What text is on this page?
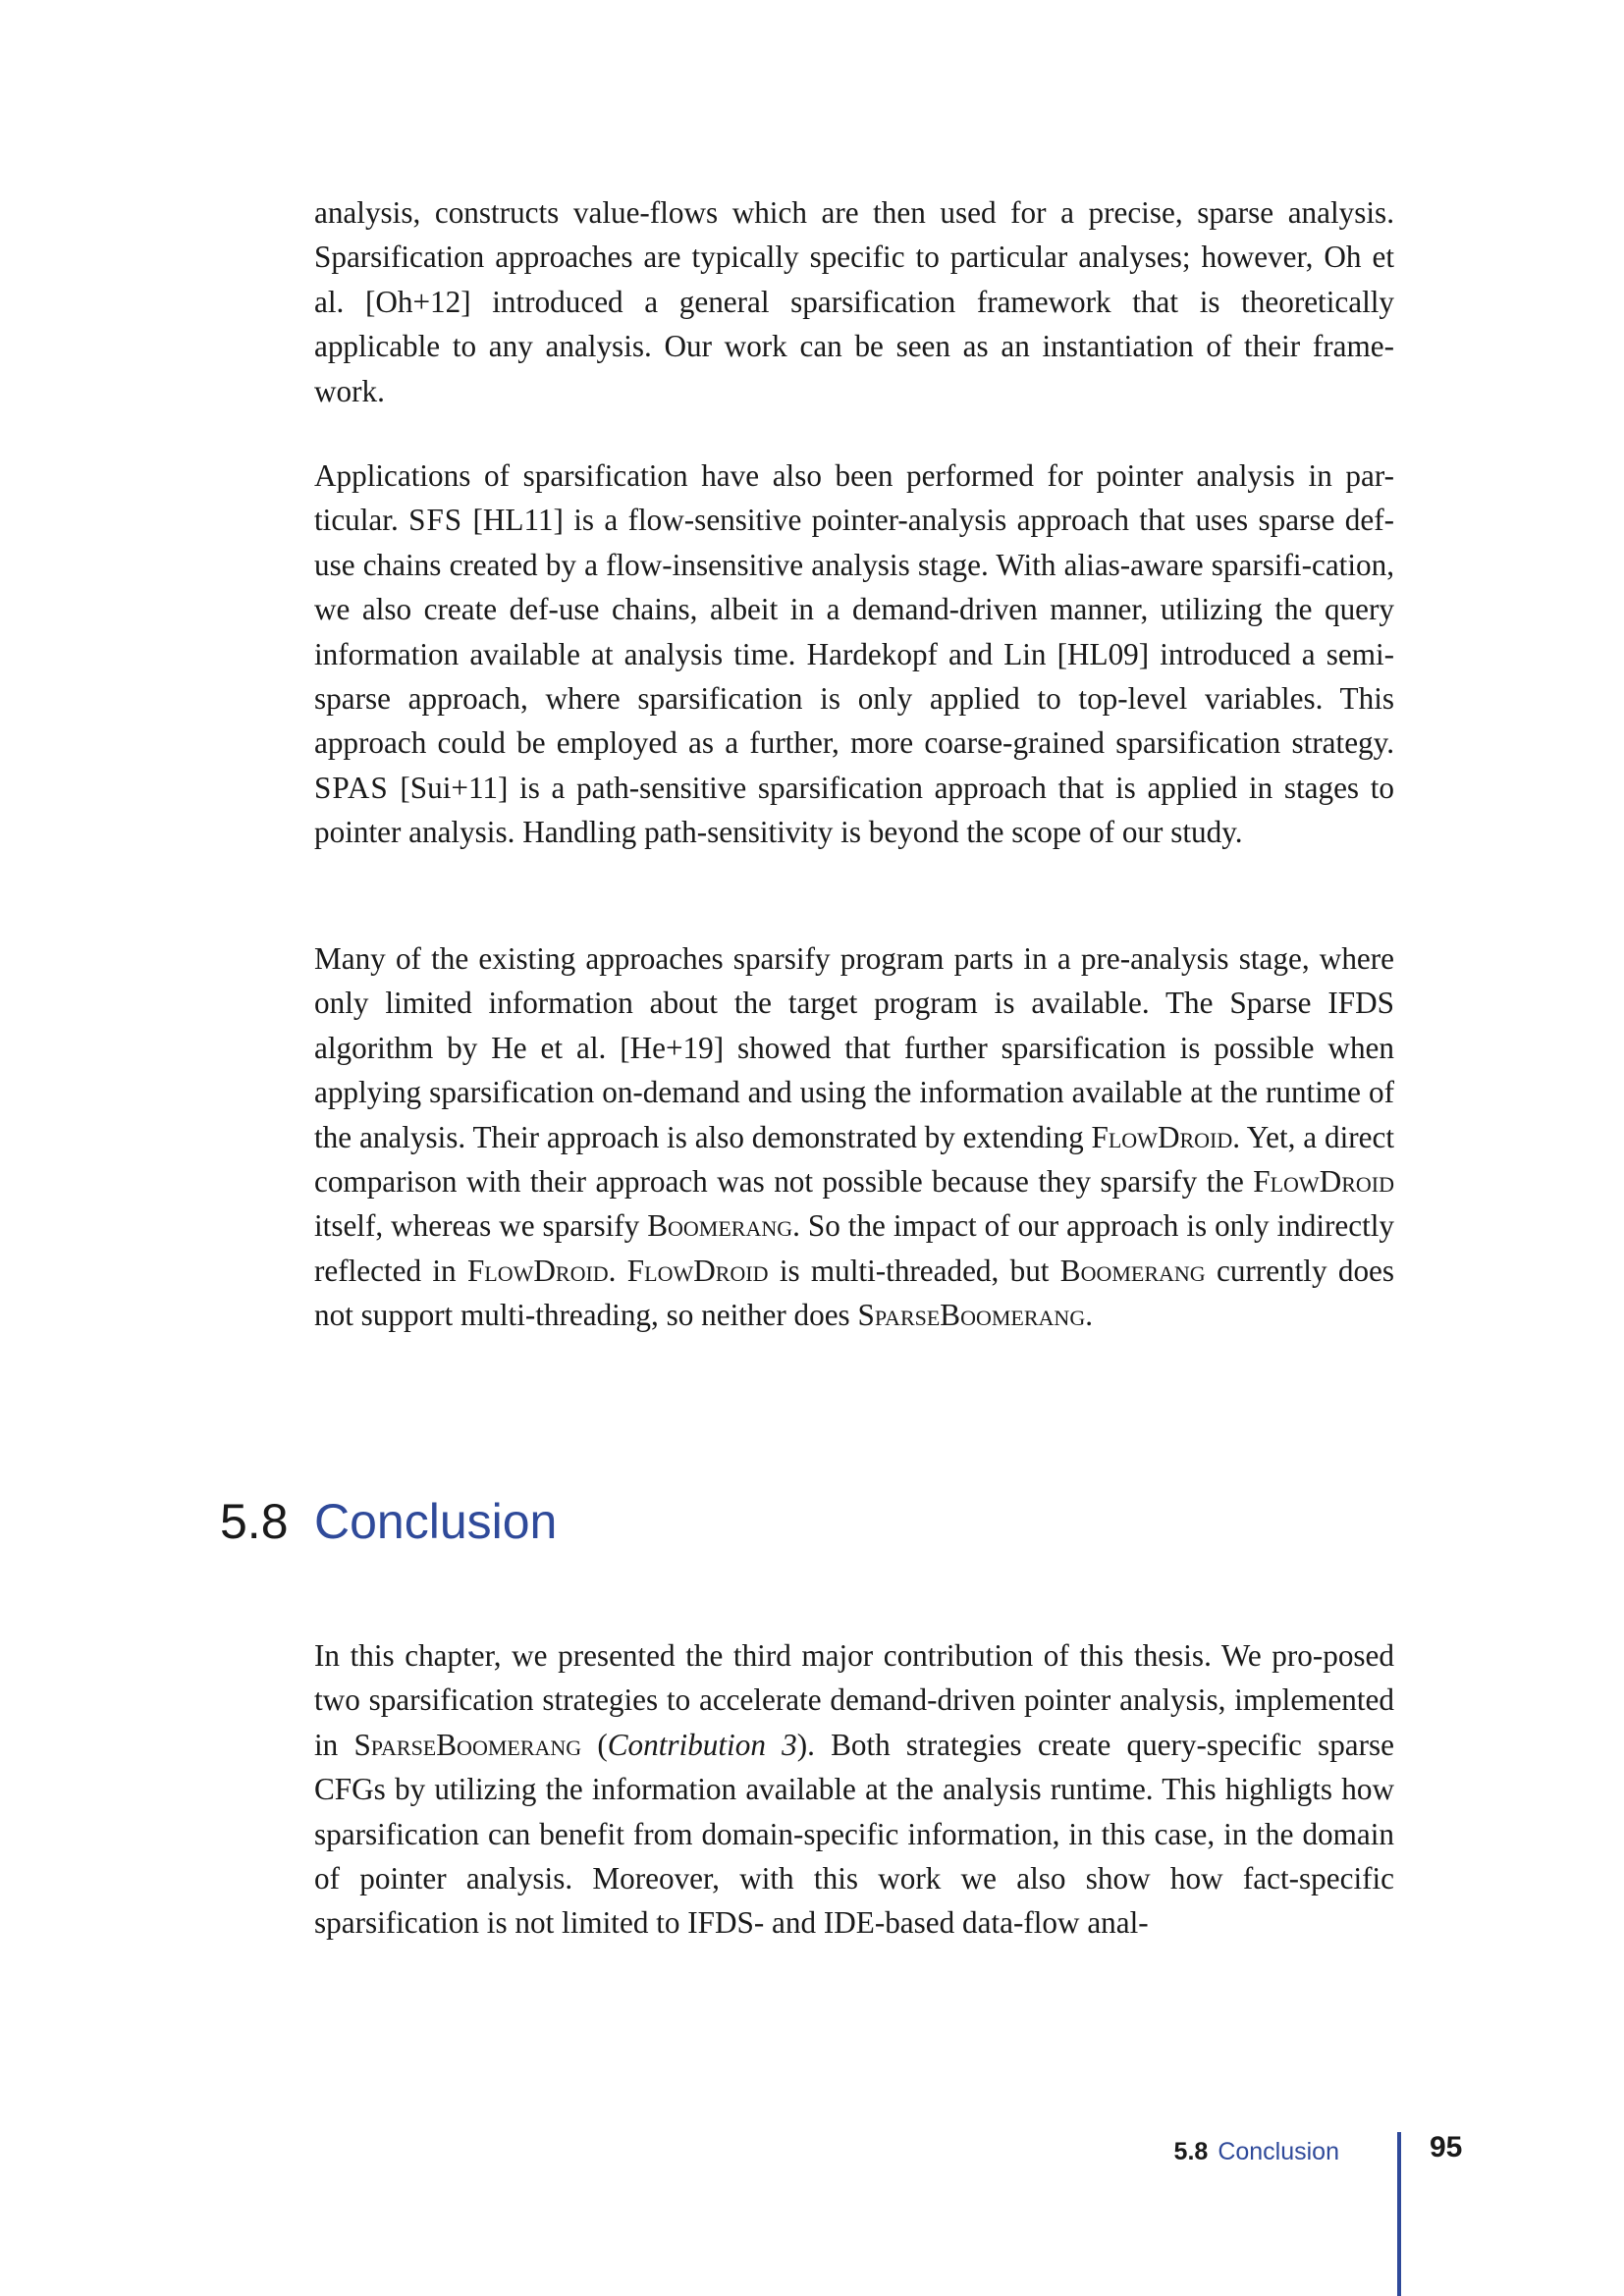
analysis, constructs value-flows which are then used for a precise, sparse analysis. Sparsification approaches are typically specific to particular analyses; however, Oh et al. [Oh+12] introduced a general sparsification framework that is theoretically applicable to any analysis. Our work can be seen as an instantiation of their frame-work.

Applications of sparsification have also been performed for pointer analysis in par-ticular. SFS [HL11] is a flow-sensitive pointer-analysis approach that uses sparse def-use chains created by a flow-insensitive analysis stage. With alias-aware sparsifi-cation, we also create def-use chains, albeit in a demand-driven manner, utilizing the query information available at analysis time. Hardekopf and Lin [HL09] introduced a semi-sparse approach, where sparsification is only applied to top-level variables. This approach could be employed as a further, more coarse-grained sparsification strategy. SPAS [Sui+11] is a path-sensitive sparsification approach that is applied in stages to pointer analysis. Handling path-sensitivity is beyond the scope of our study.

Many of the existing approaches sparsify program parts in a pre-analysis stage, where only limited information about the target program is available. The Sparse IFDS algorithm by He et al. [He+19] showed that further sparsification is possible when applying sparsification on-demand and using the information available at the runtime of the analysis. Their approach is also demonstrated by extending FlowDroid. Yet, a direct comparison with their approach was not possible because they sparsify the FlowDroid itself, whereas we sparsify Boomerang. So the impact of our approach is only indirectly reflected in FlowDroid. FlowDroid is multi-threaded, but Boomerang currently does not support multi-threading, so neither does SparseBoomerang.

5.8 Conclusion

In this chapter, we presented the third major contribution of this thesis. We pro-posed two sparsification strategies to accelerate demand-driven pointer analysis, implemented in SparseBoomerang (Contribution 3). Both strategies create query-specific sparse CFGs by utilizing the information available at the analysis runtime. This highligts how sparsification can benefit from domain-specific information, in this case, in the domain of pointer analysis. Moreover, with this work we also show how fact-specific sparsification is not limited to IFDS- and IDE-based data-flow anal-

5.8 Conclusion	95
